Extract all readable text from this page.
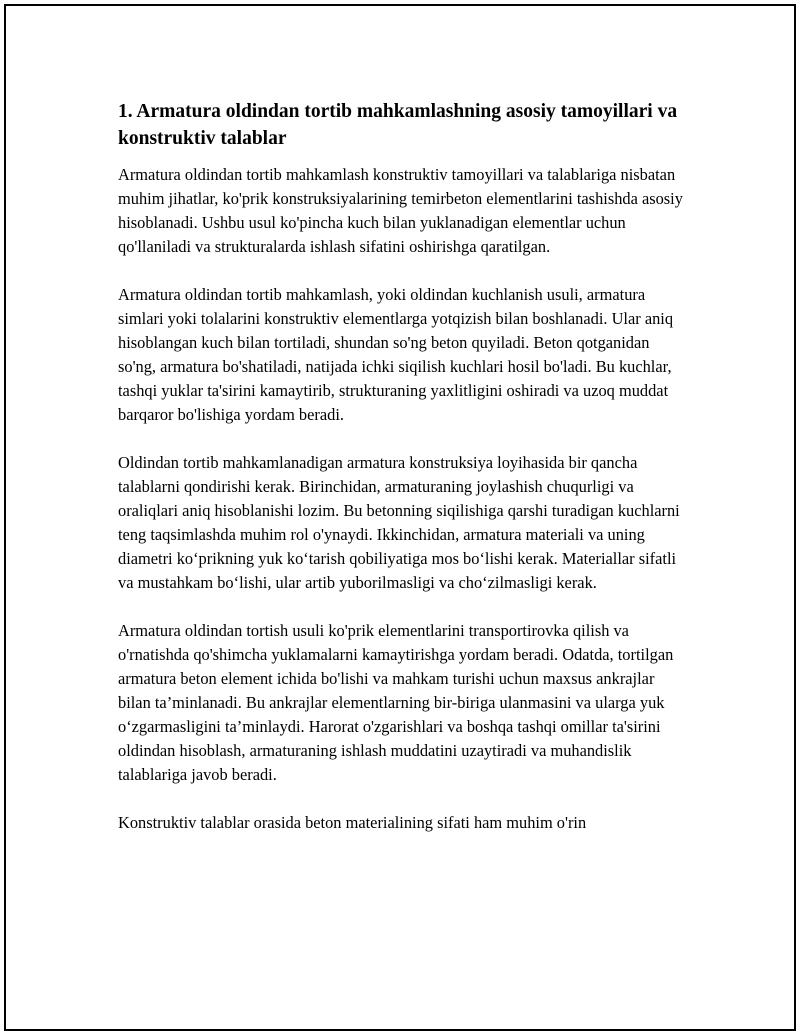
1. Armatura oldindan tortib mahkamlashning asosiy tamoyillari va konstruktiv talablar

Armatura oldindan tortib mahkamlash konstruktiv tamoyillari va talablariga nisbatan muhim jihatlar, ko'prik konstruksiyalarining temirbeton elementlarini tashishda asosiy hisoblanadi. Ushbu usul ko'pincha kuch bilan yuklanadigan elementlar uchun qo'llaniladi va strukturalarda ishlash sifatini oshirishga qaratilgan.

Armatura oldindan tortib mahkamlash, yoki oldindan kuchlanish usuli, armatura simlari yoki tolalarini konstruktiv elementlarga yotqizish bilan boshlanadi. Ular aniq hisoblangan kuch bilan tortiladi, shundan so'ng beton quyiladi. Beton qotganidan so'ng, armatura bo'shatiladi, natijada ichki siqilish kuchlari hosil bo'ladi. Bu kuchlar, tashqi yuklar ta'sirini kamaytirib, strukturaning yaxlitligini oshiradi va uzoq muddat barqaror bo'lishiga yordam beradi.

Oldindan tortib mahkamlanadigan armatura konstruksiya loyihasida bir qancha talablarni qondirishi kerak. Birinchidan, armaturaning joylashish chuqurligi va oraliqlari aniq hisoblanishi lozim. Bu betonning siqilishiga qarshi turadigan kuchlarni teng taqsimlashda muhim rol o'ynaydi. Ikkinchidan, armatura materiali va uning diametri ko‘prikning yuk ko‘tarish qobiliyatiga mos bo‘lishi kerak. Materiallar sifatli va mustahkam bo‘lishi, ular artib yuborilmasligi va cho‘zilmasligi kerak.

Armatura oldindan tortish usuli ko'prik elementlarini transportirovka qilish va o'rnatishda qo'shimcha yuklamalarni kamaytirishga yordam beradi. Odatda, tortilgan armatura beton element ichida bo'lishi va mahkam turishi uchun maxsus ankrajlar bilan ta’minlanadi. Bu ankrajlar elementlarning bir-biriga ulanmasini va ularga yuk o‘zgarmasligini ta’minlaydi. Harorat o'zgarishlari va boshqa tashqi omillar ta'sirini oldindan hisoblash, armaturaning ishlash muddatini uzaytiradi va muhandislik talablariga javob beradi.

Konstruktiv talablar orasida beton materialining sifati ham muhim o'rin
